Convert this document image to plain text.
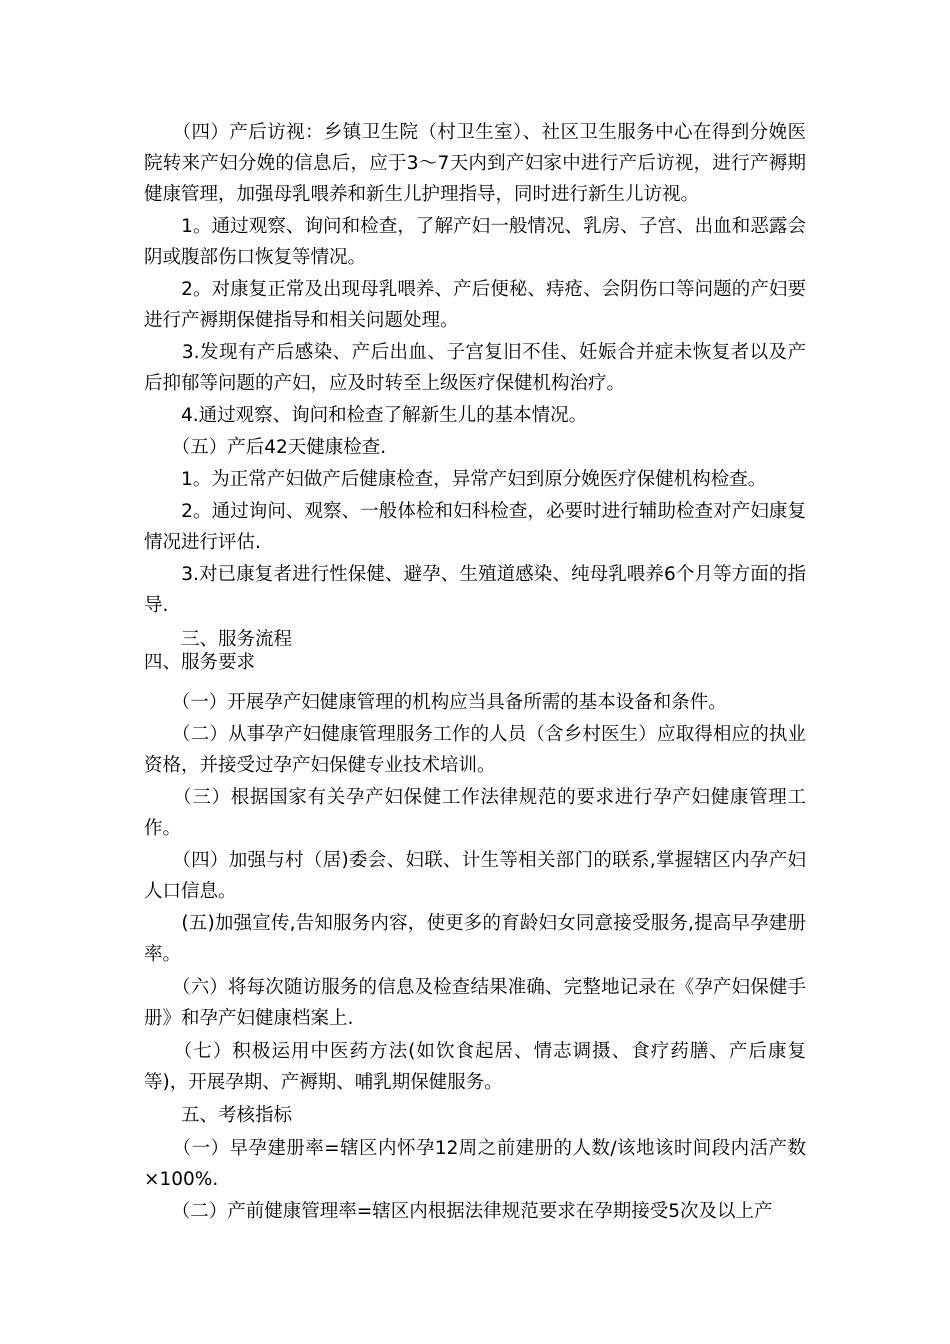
　　（四）产后访视：乡镇卫生院（村卫生室）、社区卫生服务中心在得到分娩医院转来产妇分娩的信息后，应于3～7天内到产妇家中进行产后访视，进行产褥期健康管理，加强母乳喂养和新生儿护理指导，同时进行新生儿访视。

　　1。通过观察、询问和检查，了解产妇一般情况、乳房、子宫、出血和恶露会阴或腹部伤口恢复等情况。

　　2。对康复正常及出现母乳喂养、产后便秘、痔疮、会阴伤口等问题的产妇要进行产褥期保健指导和相关问题处理。

　　3.发现有产后感染、产后出血、子宫复旧不佳、妊娠合并症未恢复者以及产后抑郁等问题的产妇，应及时转至上级医疗保健机构治疗。

　　4.通过观察、询问和检查了解新生儿的基本情况。

　　（五）产后42天健康检查.

　　1。为正常产妇做产后健康检查，异常产妇到原分娩医疗保健机构检查。

　　2。通过询问、观察、一般体检和妇科检查，必要时进行辅助检查对产妇康复情况进行评估.

　　3.对已康复者进行性保健、避孕、生殖道感染、纯母乳喂养6个月等方面的指导.

　　三、服务流程

四、服务要求

　　（一）开展孕产妇健康管理的机构应当具备所需的基本设备和条件。

　　（二）从事孕产妇健康管理服务工作的人员（含乡村医生）应取得相应的执业资格，并接受过孕产妇保健专业技术培训。

　　（三）根据国家有关孕产妇保健工作法律规范的要求进行孕产妇健康管理工作。

　　（四）加强与村（居)委会、妇联、计生等相关部门的联系,掌握辖区内孕产妇人口信息。

　　(五)加强宣传,告知服务内容，使更多的育龄妇女同意接受服务,提高早孕建册率。

　　（六）将每次随访服务的信息及检查结果准确、完整地记录在《孕产妇保健手册》和孕产妇健康档案上.

　　（七）积极运用中医药方法(如饮食起居、情志调摄、食疗药膳、产后康复等)，开展孕期、产褥期、哺乳期保健服务。

　　五、考核指标

　　（一）早孕建册率=辖区内怀孕12周之前建册的人数/该地该时间段内活产数×100%.

　　（二）产前健康管理率=辖区内根据法律规范要求在孕期接受5次及以上产
